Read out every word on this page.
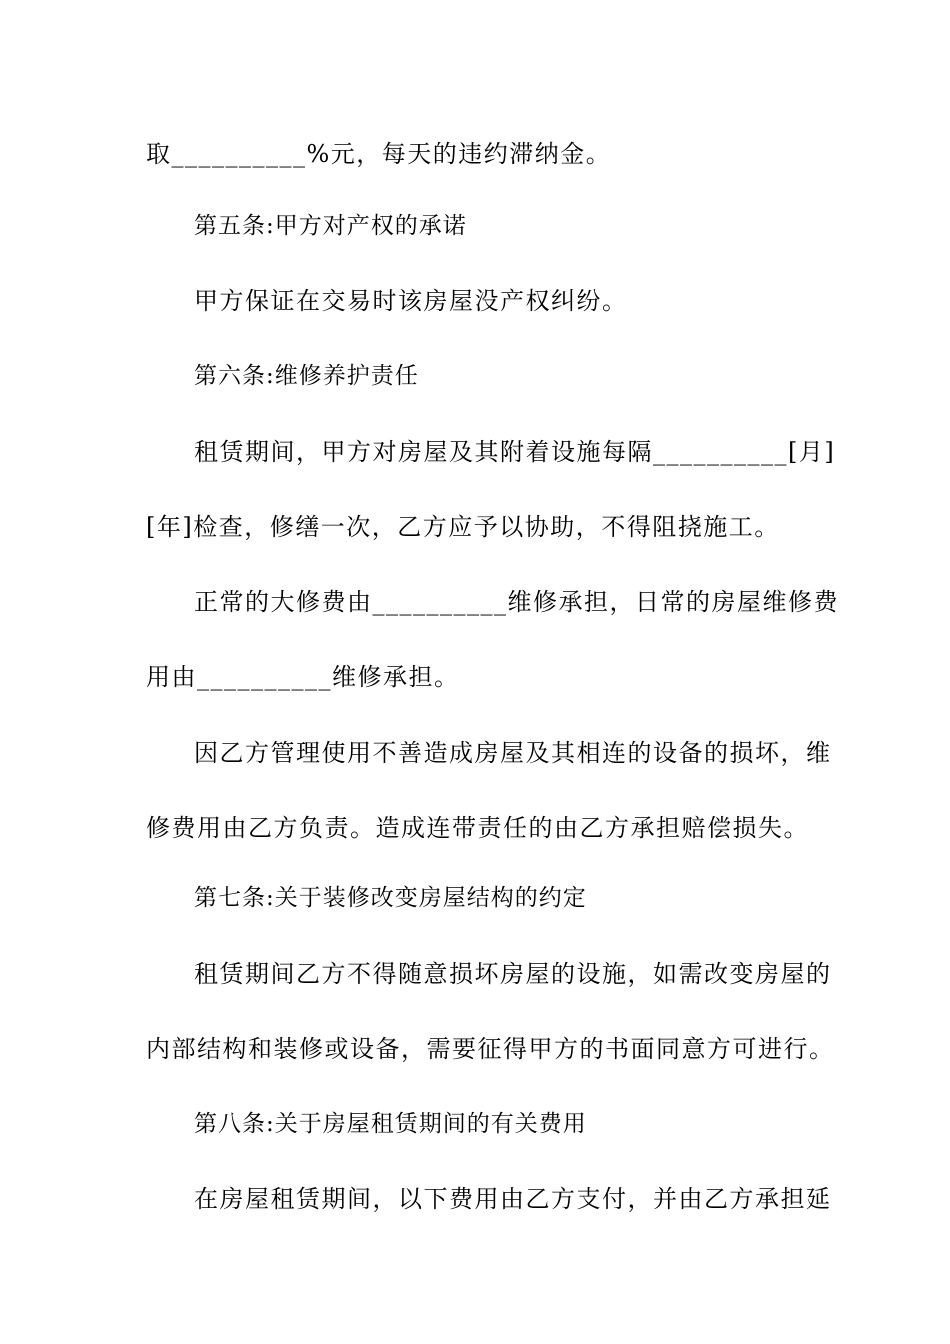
取__________%元，每天的违约滞纳金。
第五条:甲方对产权的承诺
甲方保证在交易时该房屋没产权纠纷。
第六条:维修养护责任
租赁期间，甲方对房屋及其附着设施每隔__________[月]
[年]检查，修缮一次，乙方应予以协助，不得阻挠施工。
正常的大修费由__________维修承担，日常的房屋维修费
用由__________维修承担。
因乙方管理使用不善造成房屋及其相连的设备的损坏，维
修费用由乙方负责。造成连带责任的由乙方承担赔偿损失。
第七条:关于装修改变房屋结构的约定
租赁期间乙方不得随意损坏房屋的设施，如需改变房屋的
内部结构和装修或设备，需要征得甲方的书面同意方可进行。
第八条:关于房屋租赁期间的有关费用
在房屋租赁期间，以下费用由乙方支付，并由乙方承担延
